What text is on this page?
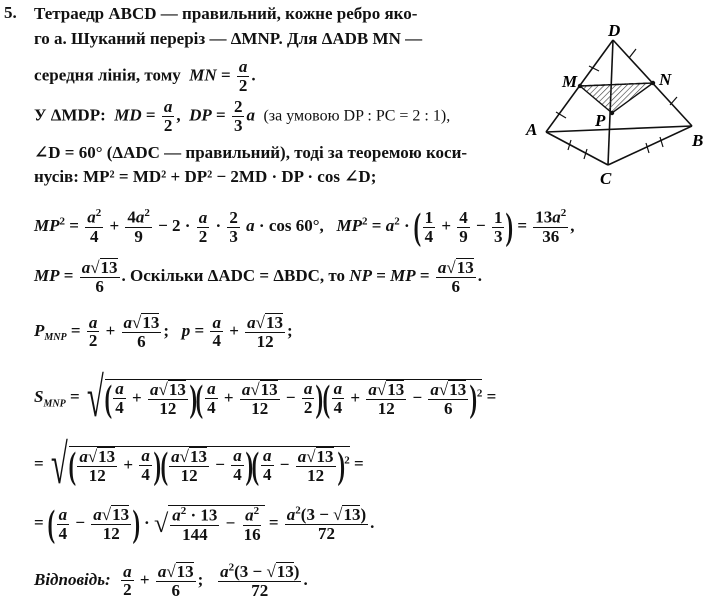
5. Тетраедр ABCD — правильний, кожне ребро яко-
го a. Шуканий переріз — ΔMNP. Для ΔADB MN —
середня лінія, тому MN = $\frac{a}{2}$ .
У ΔMDP: MD = $\frac{a}{2}$ ,  DP = $\frac{2}{3}$ a (за умовою DP : PC = 2 : 1),
∠D = 60° (ΔADC — правильний), тоді за теоремою коси-
нусів: MP² = MD² + DP² − 2MD · DP · cos ∠D;
$MP^2 = \frac{a^2}{4} + \frac{4a^2}{9} - 2 \cdot \frac{a}{2} \cdot \frac{2}{3}$ a · cos 60°,   $MP^2 = a^2$ · ( $\frac{1}{4} + \frac{4}{9} - \frac{1}{3}$ ) = $\frac{13a^2}{36}$ ,
MP = $\frac{a√13}{6}$ . Оскільки ΔADC = ΔBDC, то NP = MP = $\frac{a√13}{6}$ .
$P_{MNP} = \frac{a}{2} + \frac{a√13}{6}$ ;   $p = \frac{a}{4} + \frac{a√13}{12}$ ;
$S_{MNP}$ = √( $\frac{a}{4} + \frac{a√13}{12}$ )( $\frac{a}{4} + \frac{a√13}{12} - \frac{a}{2}$ )( $\frac{a}{4} + \frac{a√13}{12} - \frac{a√13}{6} )^2$ =
= √( $\frac{a√13}{12} + \frac{a}{4}$ )( $\frac{a√13}{12} - \frac{a}{4}$ )( $\frac{a}{4} - \frac{a√13}{12} )^2$ =
= ( $\frac{a}{4} - \frac{a√13}{12}$ ) · √ $\frac{a^2 \cdot 13}{144} - \frac{a^2}{16} = \frac{a^2(3 - √13)}{72}$ .
Відповідь: $\frac{a}{2} + \frac{a√13}{6}$ ; $\frac{a^2(3 - √13)}{72}$ .
D
M	N
P
A
B
C
